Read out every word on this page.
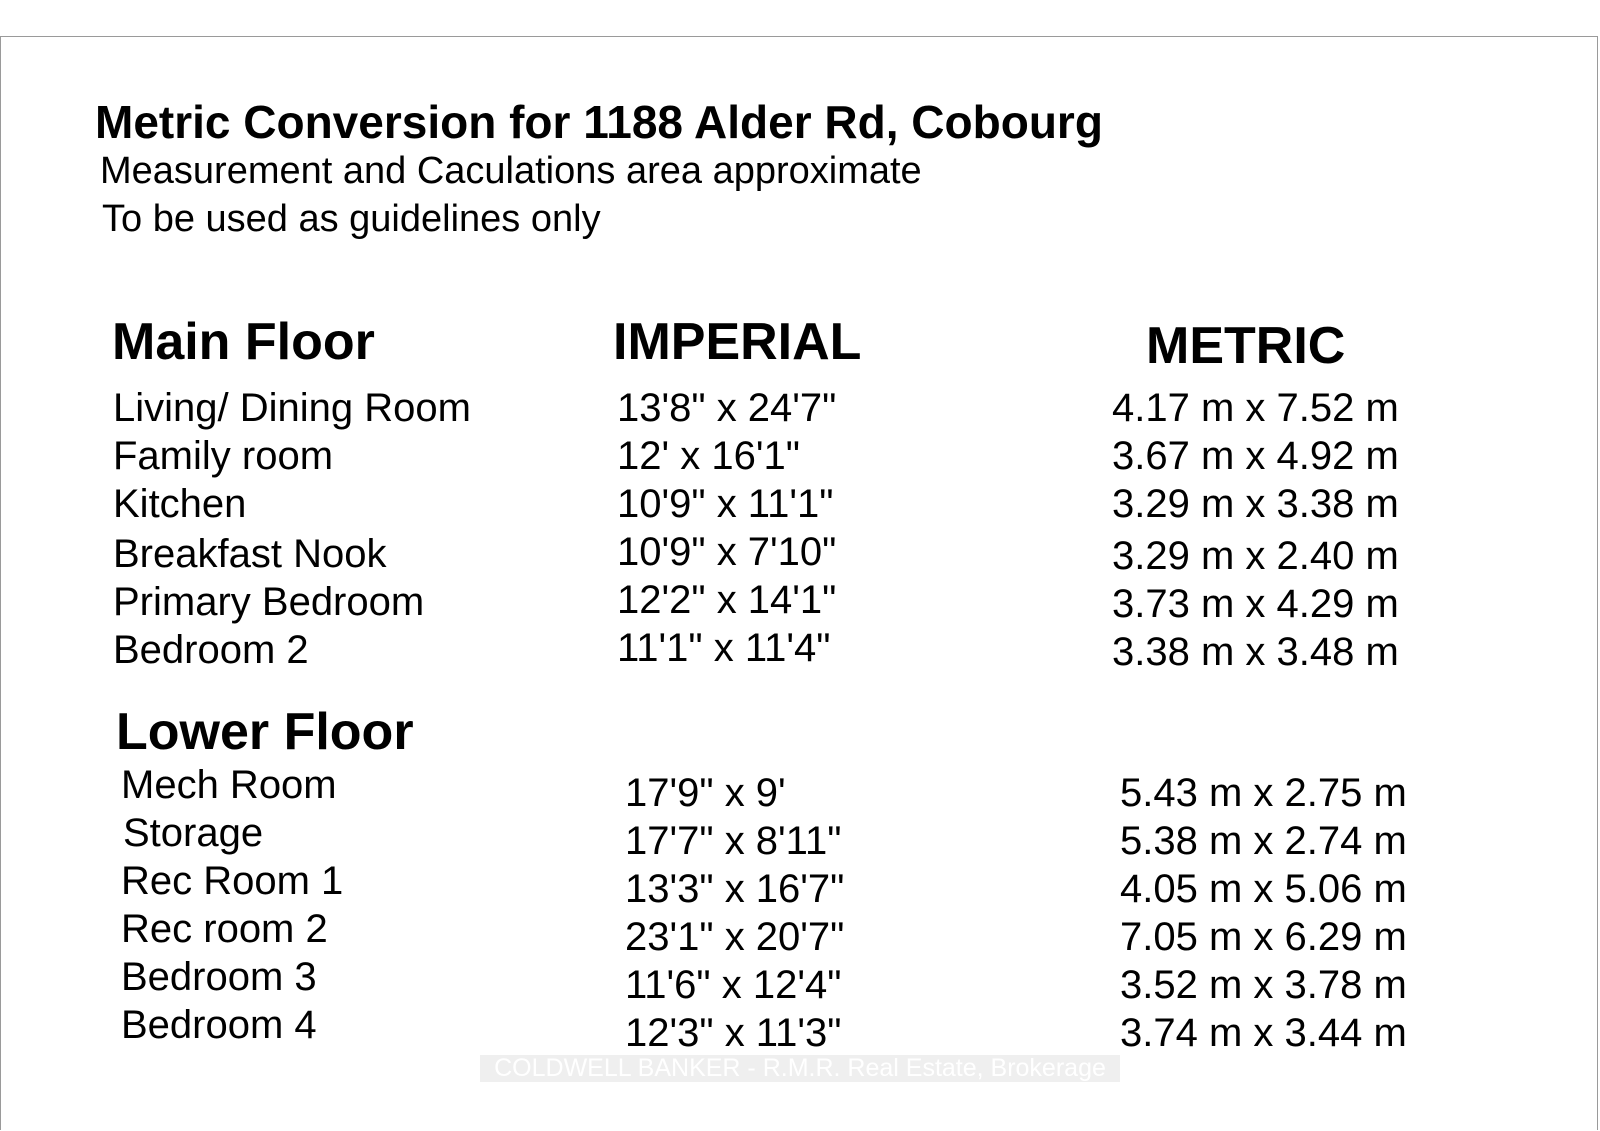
Metric Conversion for 1188 Alder Rd, Cobourg
Measurement and Caculations area approximate
To be used as guidelines only
Main Floor	IMPERIAL	METRIC
Living/ Dining Room	13'8" x 24'7"	4.17 m x 7.52 m
Family room	12' x 16'1"	3.67 m x 4.92 m
Kitchen	10'9" x 11'1"	3.29 m x 3.38 m
Breakfast Nook	10'9" x 7'10"	3.29 m x 2.40 m
Primary Bedroom	12'2" x 14'1"	3.73 m x 4.29 m
Bedroom 2	11'1" x 11'4"	3.38 m x 3.48 m
Lower Floor
Mech Room	17'9" x 9'	5.43 m x 2.75 m
Storage	17'7" x 8'11"	5.38 m x 2.74 m
Rec Room 1	13'3" x 16'7"	4.05 m x 5.06 m
Rec room 2	23'1" x 20'7"	7.05 m x 6.29 m
Bedroom 3	11'6" x 12'4"	3.52 m x 3.78 m
Bedroom 4	12'3" x 11'3"	3.74 m x 3.44 m
COLDWELL BANKER - R.M.R. Real Estate, Brokerage
